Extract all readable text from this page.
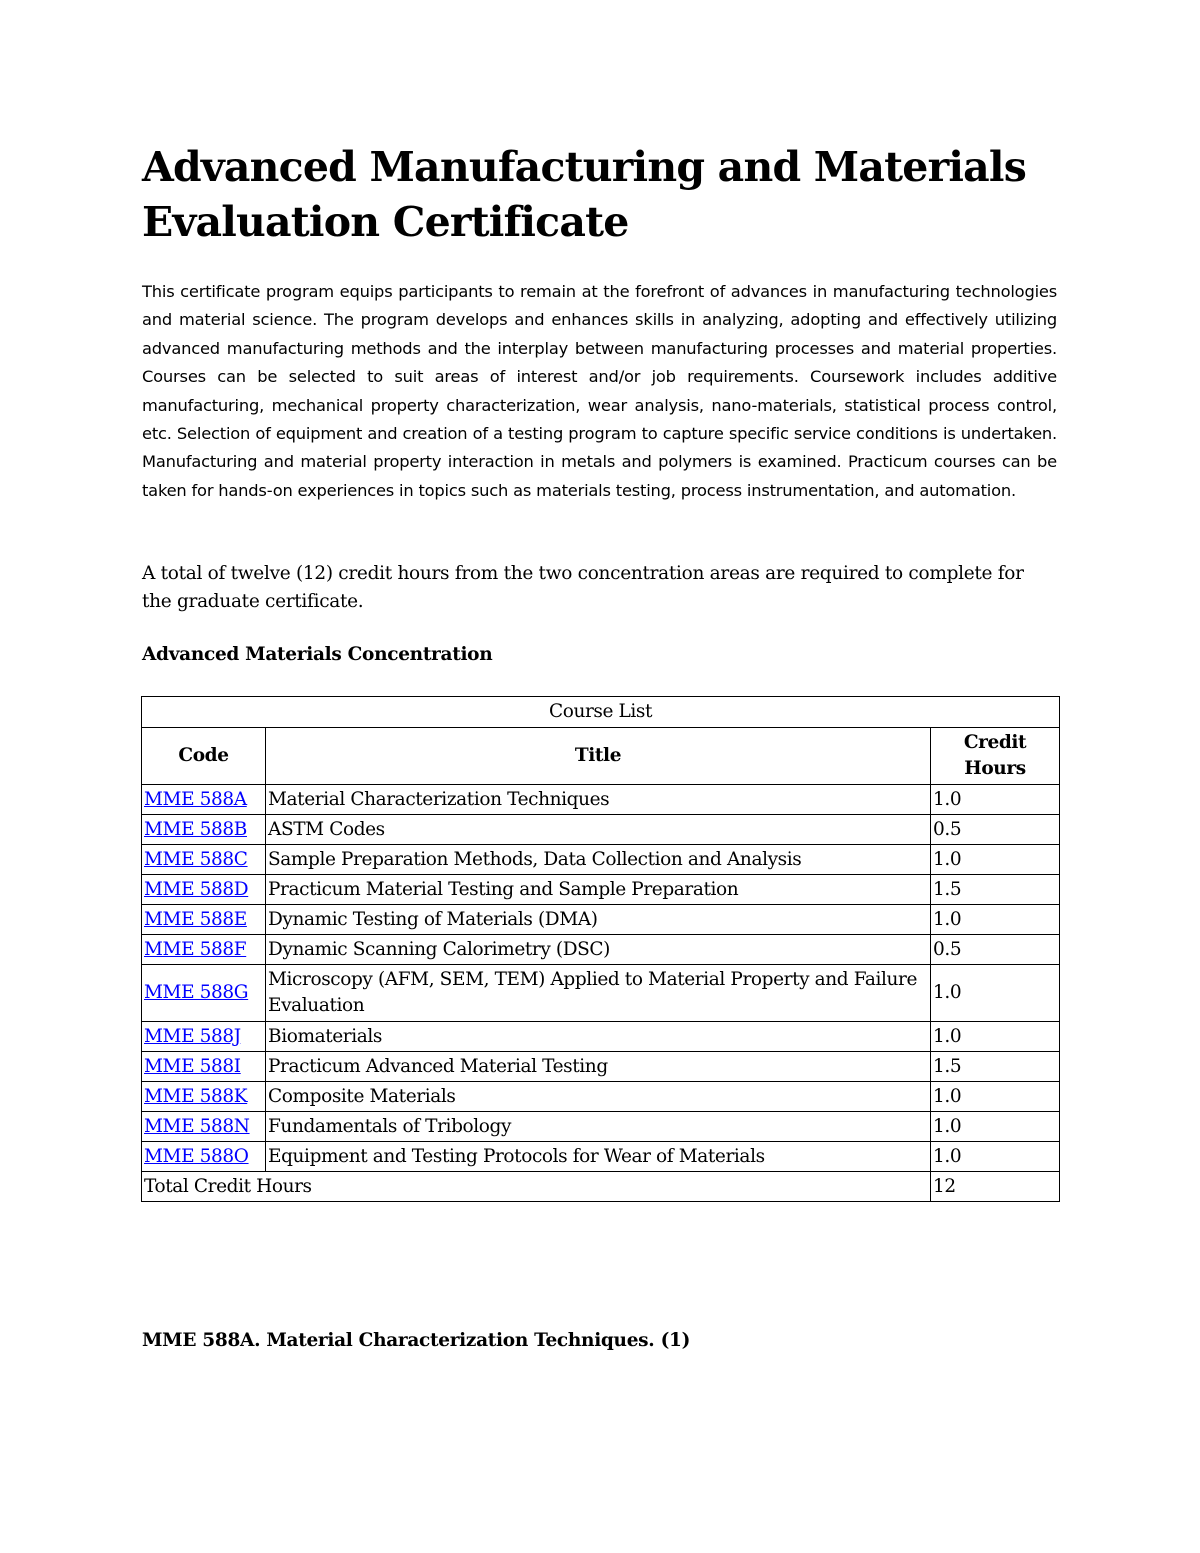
Advanced Manufacturing and Materials Evaluation Certificate

This certificate program equips participants to remain at the forefront of advances in manufacturing technologies and material science. The program develops and enhances skills in analyzing, adopting and effectively utilizing advanced manufacturing methods and the interplay between manufacturing processes and material properties. Courses can be selected to suit areas of interest and/or job requirements. Coursework includes additive manufacturing, mechanical property characterization, wear analysis, nano-materials, statistical process control, etc. Selection of equipment and creation of a testing program to capture specific service conditions is undertaken. Manufacturing and material property interaction in metals and polymers is examined. Practicum courses can be taken for hands-on experiences in topics such as materials testing, process instrumentation, and automation.

A total of twelve (12) credit hours from the two concentration areas are required to complete for the graduate certificate.

Advanced Materials Concentration
Course List		
Code	Title	Credit Hours
MME 588A	Material Characterization Techniques	1.0
MME 588B	ASTM Codes	0.5
MME 588C	Sample Preparation Methods, Data Collection and Analysis	1.0
MME 588D	Practicum Material Testing and Sample Preparation	1.5
MME 588E	Dynamic Testing of Materials (DMA)	1.0
MME 588F	Dynamic Scanning Calorimetry (DSC)	0.5
MME 588G	Microscopy (AFM, SEM, TEM) Applied to Material Property and Failure Evaluation	1.0
MME 588J	Biomaterials	1.0
MME 588I	Practicum Advanced Material Testing	1.5
MME 588K	Composite Materials	1.0
MME 588N	Fundamentals of Tribology	1.0
MME 588O	Equipment and Testing Protocols for Wear of Materials	1.0
Total Credit Hours		12
MME 588A. Material Characterization Techniques. (1)
